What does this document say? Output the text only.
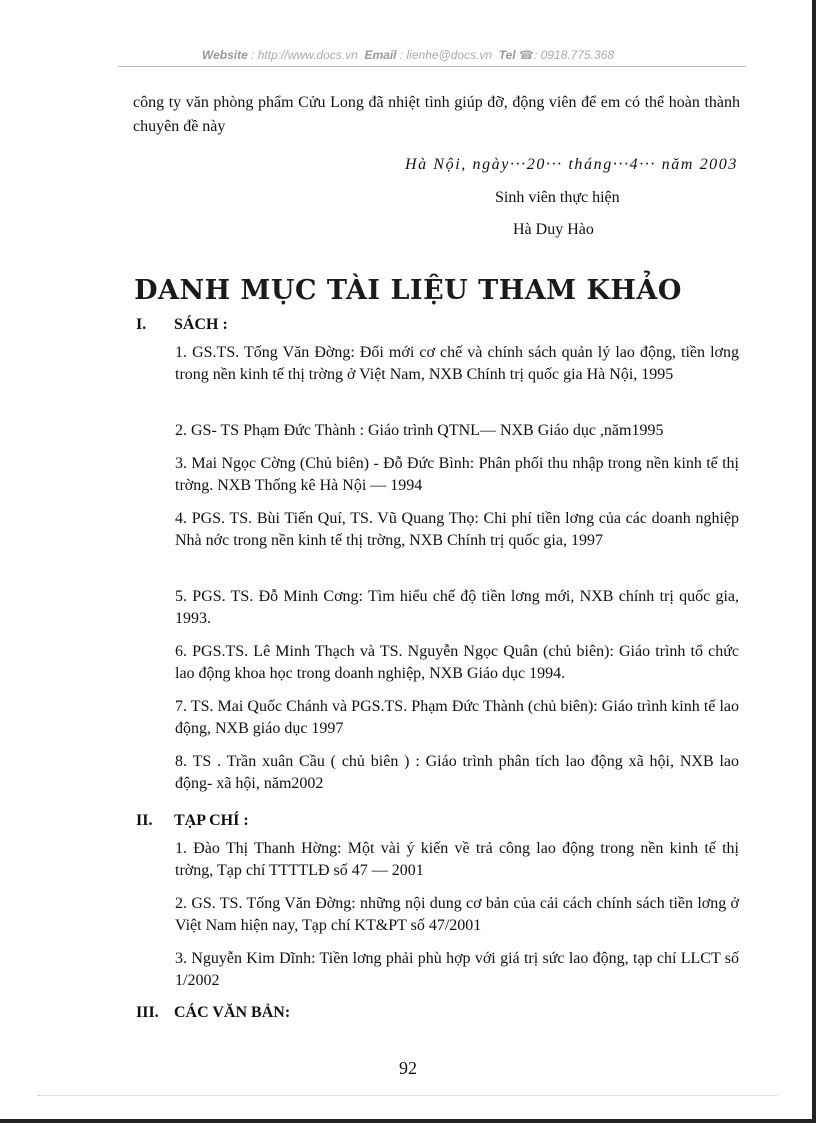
Website : http://www.docs.vn Email : lienhe@docs.vn Tel ☎: 0918.775.368
công ty văn phòng phẩm Cửu Long đã nhiệt tình giúp đỡ, động viên để em có thể hoàn thành chuyên đề này
Hà Nội, ngày···20··· tháng···4··· năm 2003
Sinh viên thực hiện
Hà Duy Hào
DANH MỤC TÀI LIỆU THAM KHẢO
I. SÁCH :
1. GS.TS. Tống Văn Đờng: Đổi mới cơ chế và chính sách quản lý lao động, tiền lơng trong nền kinh tế thị trờng ở Việt Nam, NXB Chính trị quốc gia Hà Nội, 1995
2. GS- TS Phạm Đức Thành : Giáo trình QTNL— NXB Giáo dục ,năm1995
3. Mai Ngọc Cờng (Chủ biên) - Đỗ Đức Bình: Phân phối thu nhập trong nền kinh tế thị trờng. NXB Thống kê Hà Nội — 1994
4. PGS. TS. Bùi Tiến Quí, TS. Vũ Quang Thọ: Chi phí tiền lơng của các doanh nghiệp Nhà nớc trong nền kinh tế thị trờng, NXB Chính trị quốc gia, 1997
5. PGS. TS. Đỗ Minh Cơng: Tìm hiểu chế độ tiền lơng mới, NXB chính trị quốc gia, 1993.
6. PGS.TS. Lê Minh Thạch và TS. Nguyễn Ngọc Quân (chủ biên): Giáo trình tổ chức lao động khoa học trong doanh nghiệp, NXB Giáo dục 1994.
7. TS. Mai Quốc Chánh và PGS.TS. Phạm Đức Thành (chủ biên): Giáo trình kinh tế lao động, NXB giáo dục 1997
8. TS . Trần xuân Cầu ( chủ biên ) : Giáo trình phân tích lao động xã hội, NXB lao động- xã hội, năm2002
II. TẠP CHÍ :
1. Đào Thị Thanh Hờng: Một vài ý kiến về trả công lao động trong nền kinh tế thị trờng, Tạp chí TTTTLĐ số 47 — 2001
2. GS. TS. Tống Văn Đờng: những nội dung cơ bản của cải cách chính sách tiền lơng ở Việt Nam hiện nay, Tạp chí KT&PT số 47/2001
3. Nguyễn Kim Dĩnh: Tiền lơng phải phù hợp với giá trị sức lao động, tạp chí LLCT số 1/2002
III. CÁC VĂN BẢN:
92
